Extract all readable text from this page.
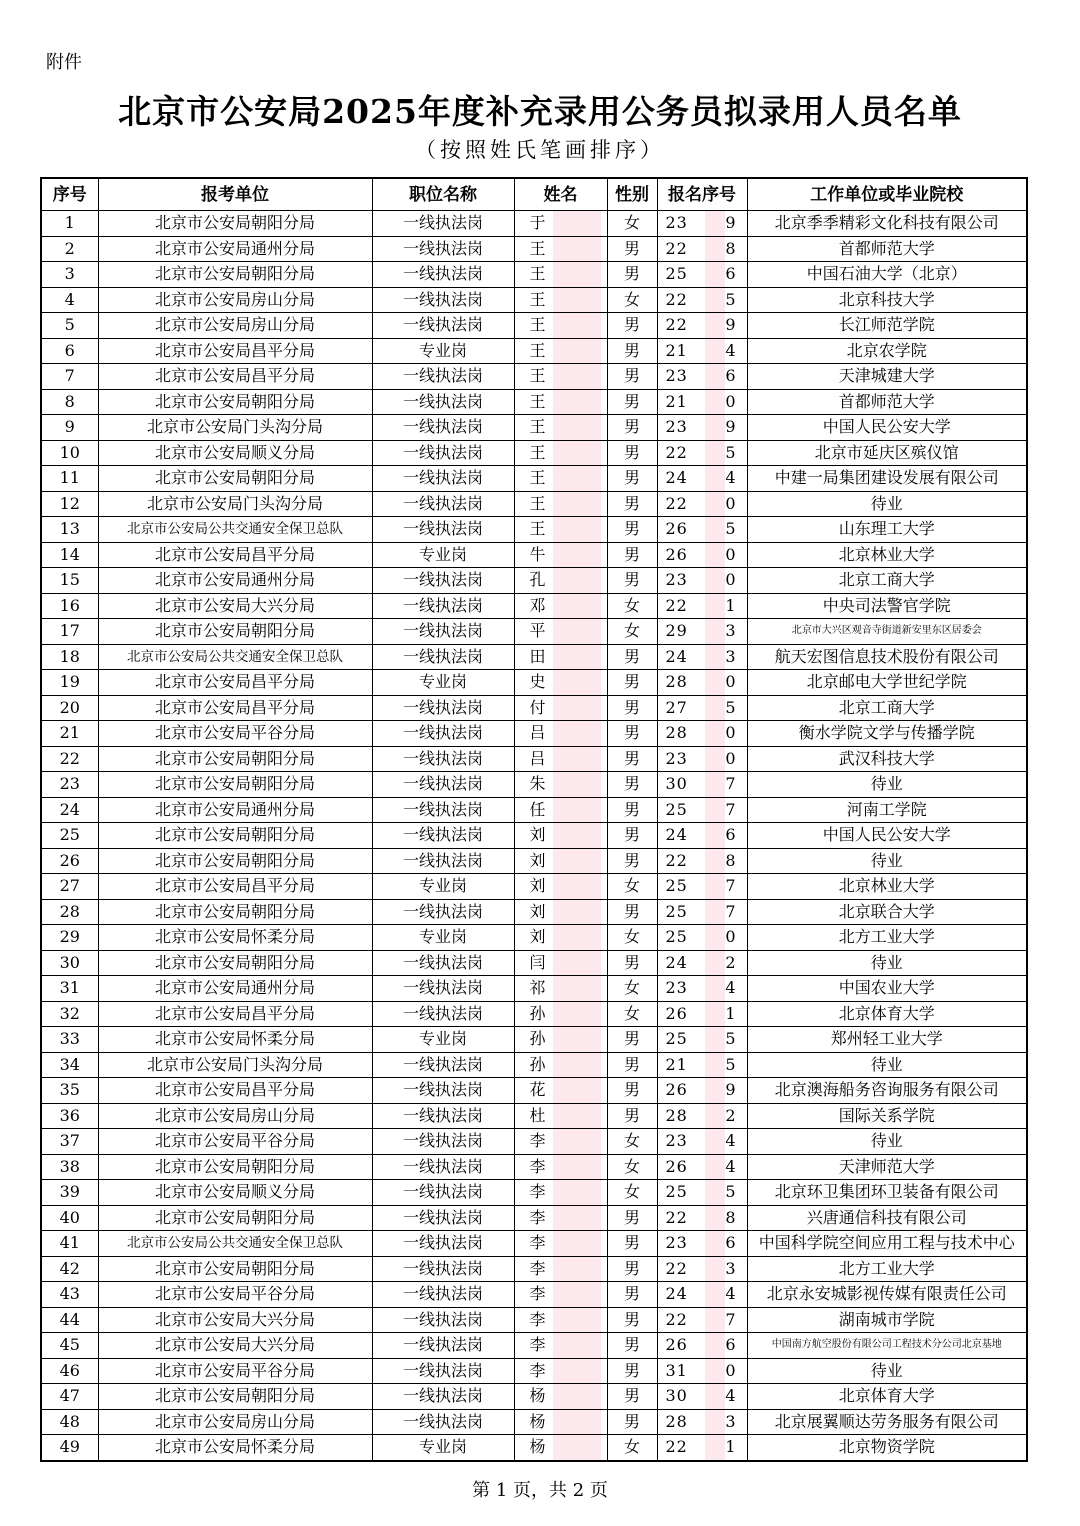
附件
北京市公安局2025年度补充录用公务员拟录用人员名单
（按照姓氏笔画排序）
序号	报考单位	职位名称	姓名	性别	报名序号	工作单位或毕业院校
1	北京市公安局朝阳分局	一线执法岗	于	女	23 9	北京季季精彩文化科技有限公司
2	北京市公安局通州分局	一线执法岗	王	男	22 8	首都师范大学
3	北京市公安局朝阳分局	一线执法岗	王	男	25 6	中国石油大学（北京）
4	北京市公安局房山分局	一线执法岗	王	女	22 5	北京科技大学
5	北京市公安局房山分局	一线执法岗	王	男	22 9	长江师范学院
6	北京市公安局昌平分局	专业岗	王	男	21 4	北京农学院
7	北京市公安局昌平分局	一线执法岗	王	男	23 6	天津城建大学
8	北京市公安局朝阳分局	一线执法岗	王	男	21 0	首都师范大学
9	北京市公安局门头沟分局	一线执法岗	王	男	23 9	中国人民公安大学
10	北京市公安局顺义分局	一线执法岗	王	男	22 5	北京市延庆区殡仪馆
11	北京市公安局朝阳分局	一线执法岗	王	男	24 4	中建一局集团建设发展有限公司
12	北京市公安局门头沟分局	一线执法岗	王	男	22 0	待业
13	北京市公安局公共交通安全保卫总队	一线执法岗	王	男	26 5	山东理工大学
14	北京市公安局昌平分局	专业岗	牛	男	26 0	北京林业大学
15	北京市公安局通州分局	一线执法岗	孔	男	23 0	北京工商大学
16	北京市公安局大兴分局	一线执法岗	邓	女	22 1	中央司法警官学院
17	北京市公安局朝阳分局	一线执法岗	平	女	29 3	北京市大兴区观音寺街道新安里东区居委会
18	北京市公安局公共交通安全保卫总队	一线执法岗	田	男	24 3	航天宏图信息技术股份有限公司
19	北京市公安局昌平分局	专业岗	史	男	28 0	北京邮电大学世纪学院
20	北京市公安局昌平分局	一线执法岗	付	男	27 5	北京工商大学
21	北京市公安局平谷分局	一线执法岗	吕	男	28 0	衡水学院文学与传播学院
22	北京市公安局朝阳分局	一线执法岗	吕	男	23 0	武汉科技大学
23	北京市公安局朝阳分局	一线执法岗	朱	男	30 7	待业
24	北京市公安局通州分局	一线执法岗	任	男	25 7	河南工学院
25	北京市公安局朝阳分局	一线执法岗	刘	男	24 6	中国人民公安大学
26	北京市公安局朝阳分局	一线执法岗	刘	男	22 8	待业
27	北京市公安局昌平分局	专业岗	刘	女	25 7	北京林业大学
28	北京市公安局朝阳分局	一线执法岗	刘	男	25 7	北京联合大学
29	北京市公安局怀柔分局	专业岗	刘	女	25 0	北方工业大学
30	北京市公安局朝阳分局	一线执法岗	闫	男	24 2	待业
31	北京市公安局通州分局	一线执法岗	祁	女	23 4	中国农业大学
32	北京市公安局昌平分局	一线执法岗	孙	女	26 1	北京体育大学
33	北京市公安局怀柔分局	专业岗	孙	男	25 5	郑州轻工业大学
34	北京市公安局门头沟分局	一线执法岗	孙	男	21 5	待业
35	北京市公安局昌平分局	一线执法岗	花	男	26 9	北京澳海船务咨询服务有限公司
36	北京市公安局房山分局	一线执法岗	杜	男	28 2	国际关系学院
37	北京市公安局平谷分局	一线执法岗	李	女	23 4	待业
38	北京市公安局朝阳分局	一线执法岗	李	女	26 4	天津师范大学
39	北京市公安局顺义分局	一线执法岗	李	女	25 5	北京环卫集团环卫装备有限公司
40	北京市公安局朝阳分局	一线执法岗	李	男	22 8	兴唐通信科技有限公司
41	北京市公安局公共交通安全保卫总队	一线执法岗	李	男	23 6	中国科学院空间应用工程与技术中心
42	北京市公安局朝阳分局	一线执法岗	李	男	22 3	北方工业大学
43	北京市公安局平谷分局	一线执法岗	李	男	24 4	北京永安城影视传媒有限责任公司
44	北京市公安局大兴分局	一线执法岗	李	男	22 7	湖南城市学院
45	北京市公安局大兴分局	一线执法岗	李	男	26 6	中国南方航空股份有限公司工程技术分公司北京基地
46	北京市公安局平谷分局	一线执法岗	李	男	31 0	待业
47	北京市公安局朝阳分局	一线执法岗	杨	男	30 4	北京体育大学
48	北京市公安局房山分局	一线执法岗	杨	男	28 3	北京展翼顺达劳务服务有限公司
49	北京市公安局怀柔分局	专业岗	杨	女	22 1	北京物资学院
第 1 页，共 2 页
